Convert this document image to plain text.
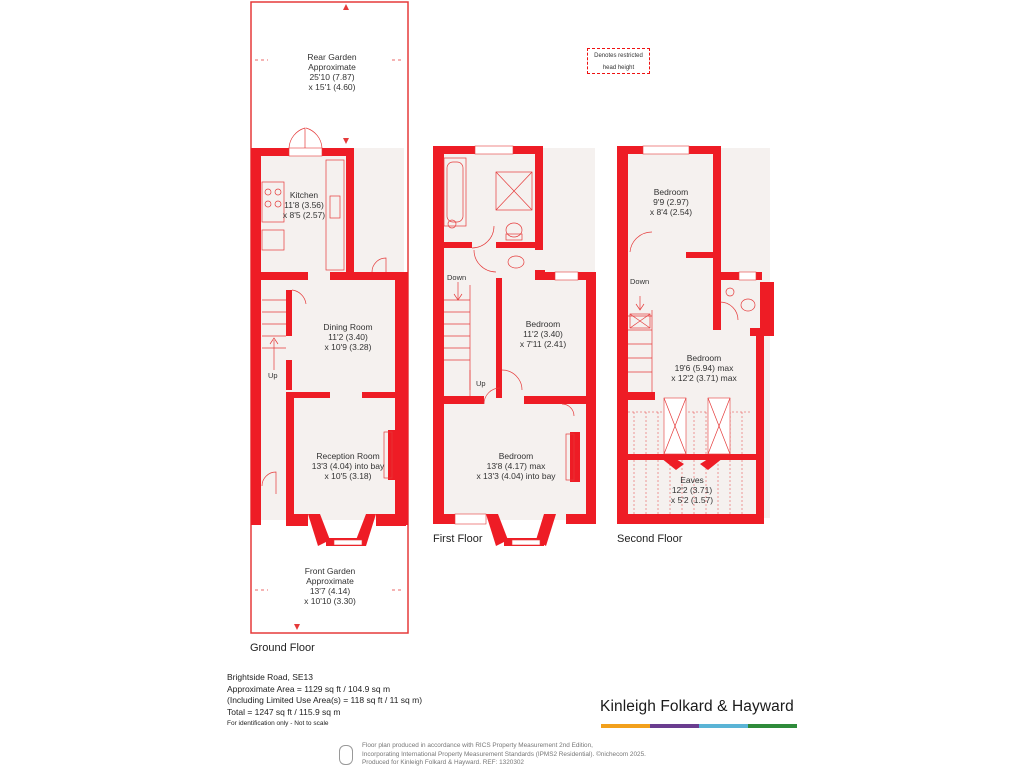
Denotes restricted
head height
Rear Garden
Approximate
25'10 (7.87)
x 15'1 (4.60)
Kitchen
11'8 (3.56)
x 8'5 (2.57)
Dining Room
11'2 (3.40)
x 10'9 (3.28)
Reception Room
13'3 (4.04) into bay
x 10'5 (3.18)
Front Garden
Approximate
13'7 (4.14)
x 10'10 (3.30)
Up
Ground Floor
Bedroom
11'2 (3.40)
x 7'11 (2.41)
Bedroom
13'8 (4.17) max
x 13'3 (4.04) into bay
Down
Up
First Floor
Bedroom
9'9 (2.97)
x 8'4 (2.54)
Bedroom
19'6 (5.94) max
x 12'2 (3.71) max
Eaves
12'2 (3.71)
x 5'2 (1.57)
Down
Second Floor
Brightside Road, SE13
Approximate Area = 1129 sq ft / 104.9 sq m
(Including Limited Use Area(s) = 118 sq ft / 11 sq m)
Total = 1247 sq ft / 115.9 sq m
For identification only - Not to scale
Kinleigh Folkard & Hayward
Floor plan produced in accordance with RICS Property Measurement 2nd Edition,
Incorporating International Property Measurement Standards (IPMS2 Residential). ©nichecom 2025.
Produced for Kinleigh Folkard & Hayward. REF: 1320302
